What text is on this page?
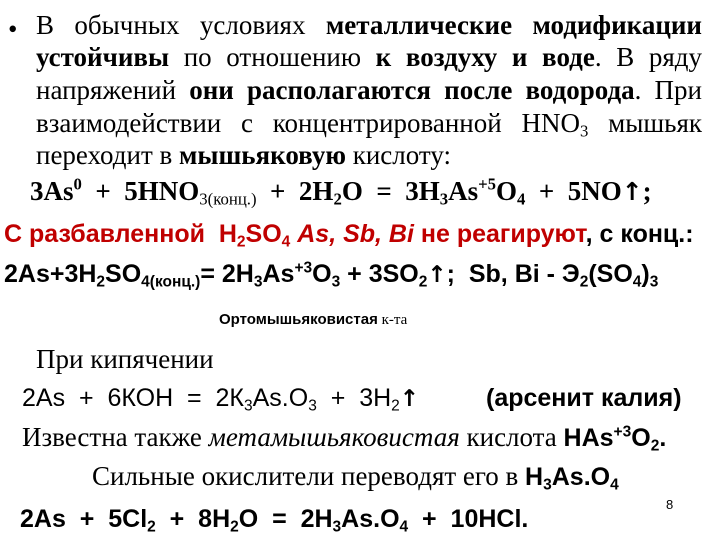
• В обычных условиях металлические модификации
устойчивы по отношению к воздуху и воде. В ряду
напряжений они располагаются после водорода. При
взаимодействии с концентрированной $HNO_3$ мышьяк
переходит в мышьяковую кислоту:
$3As^0 + 5HNO_{3(конц.)} + 2H_2O = 3H_3As^{+5}O_4$  +  5NO↑;
С разбавленной  $H_2SO_4$ As, Sb, Bi не реагируют, с конц.:
$2As+3H_2SO_{4(конц.)}= 2H_3As^{+3}O_3$ + $3SO_2↑$;  Sb, Bi - $Э_2(SO_4)_3$
Ортомышьяковистая к-та
При кипячении
$2As + 6КОН = 2К_3As.O_3$  +  $3H_2↑$	(арсенит калия)
Известна также метамышьяковистая кислота $HAs^{+3}O_2$.
Сильные окислители переводят его в $H_3As.O_4$
8
$2As + 5Cl_2 + 8H_2O = 2H_3As.O_4 + 10HCl$.
